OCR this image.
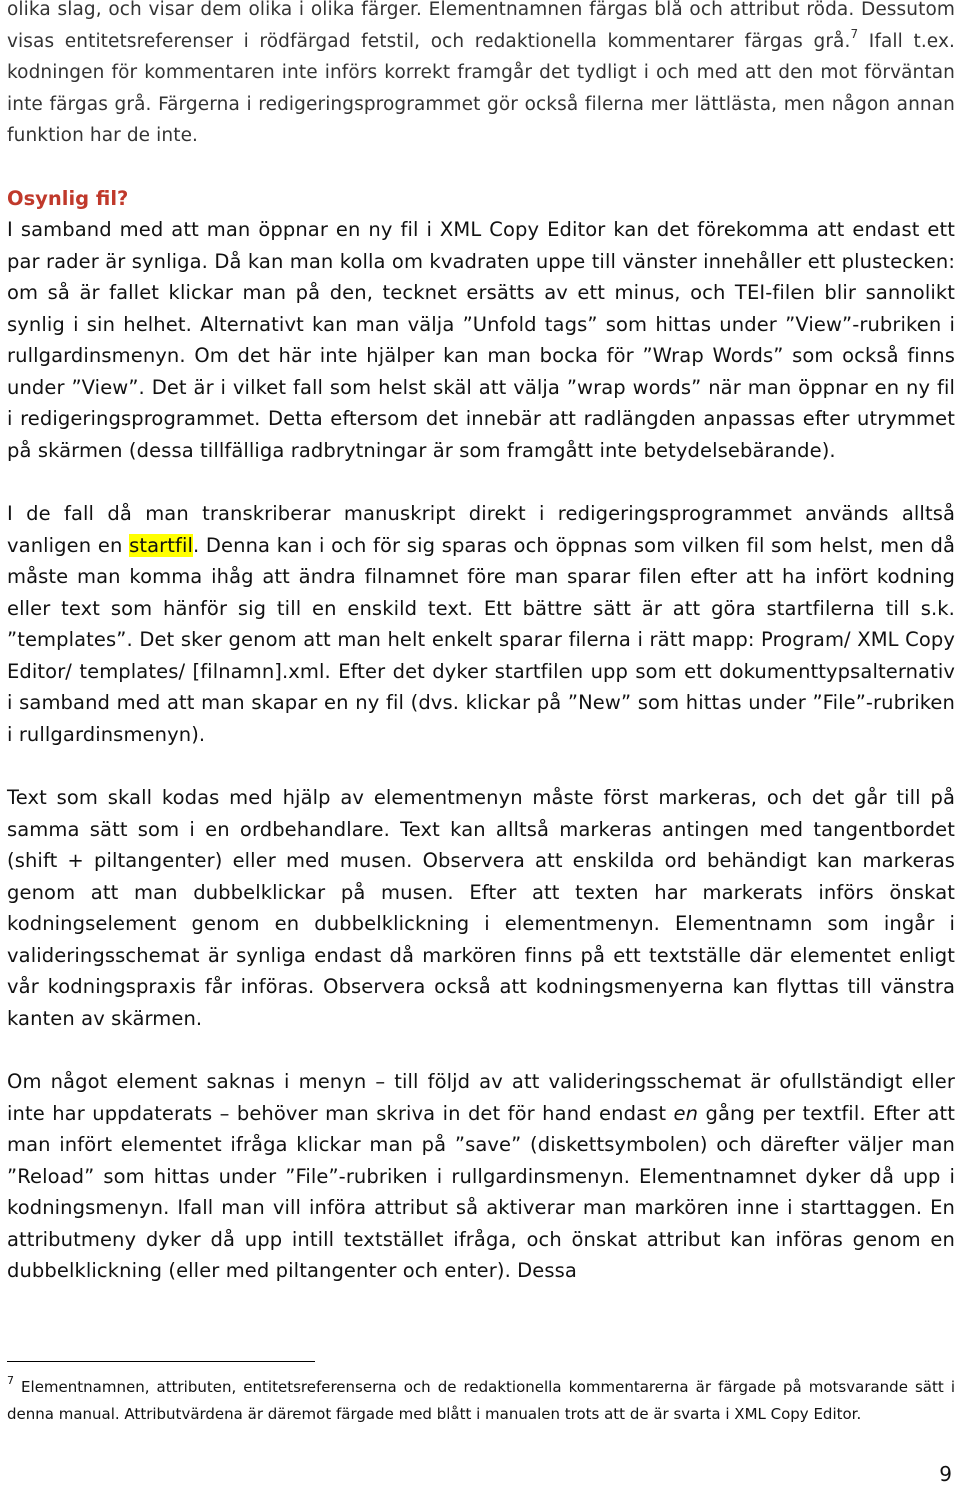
olika slag, och visar dem olika i olika färger. Elementnamnen färgas blå och attribut röda. Dessutom visas entitetsreferenser i rödfärgad fetstil, och redaktionella kommentarer färgas grå.$^7$ Ifall t.ex. kodningen för kommentaren inte införs korrekt framgår det tydligt i och med att den mot förväntan inte färgas grå. Färgerna i redigeringsprogrammet gör också filerna mer lättlästa, men någon annan funktion har de inte.

Osynlig fil?

I samband med att man öppnar en ny fil i XML Copy Editor kan det förekomma att endast ett par rader är synliga. Då kan man kolla om kvadraten uppe till vänster innehåller ett plustecken: om så är fallet klickar man på den, tecknet ersätts av ett minus, och TEI-filen blir sannolikt synlig i sin helhet. Alternativt kan man välja ”Unfold tags” som hittas under ”View”-rubriken i rullgardinsmenyn. Om det här inte hjälper kan man bocka för ”Wrap Words” som också finns under ”View”. Det är i vilket fall som helst skäl att välja ”wrap words” när man öppnar en ny fil i redigeringsprogrammet. Detta eftersom det innebär att radlängden anpassas efter utrymmet på skärmen (dessa tillfälliga radbrytningar är som framgått inte betydelsebärande).

I de fall då man transkriberar manuskript direkt i redigeringsprogrammet används alltså vanligen en startfil. Denna kan i och för sig sparas och öppnas som vilken fil som helst, men då måste man komma ihåg att ändra filnamnet före man sparar filen efter att ha infört kodning eller text som hänför sig till en enskild text. Ett bättre sätt är att göra startfilerna till s.k. ”templates”. Det sker genom att man helt enkelt sparar filerna i rätt mapp: Program/ XML Copy Editor/ templates/ [filnamn].xml. Efter det dyker startfilen upp som ett dokumenttypsalternativ i samband med att man skapar en ny fil (dvs. klickar på ”New” som hittas under ”File”-rubriken i rullgardinsmenyn).

Text som skall kodas med hjälp av elementmenyn måste först markeras, och det går till på samma sätt som i en ordbehandlare. Text kan alltså markeras antingen med tangentbordet (shift + piltangenter) eller med musen. Observera att enskilda ord behändigt kan markeras genom att man dubbelklickar på musen. Efter att texten har markerats införs önskat kodningselement genom en dubbelklickning i elementmenyn. Elementnamn som ingår i valideringsschemat är synliga endast då markören finns på ett textställe där elementet enligt vår kodningspraxis får införas. Observera också att kodningsmenyerna kan flyttas till vänstra kanten av skärmen.

Om något element saknas i menyn – till följd av att valideringsschemat är ofullständigt eller inte har uppdaterats – behöver man skriva in det för hand endast en gång per textfil. Efter att man infört elementet ifråga klickar man på ”save” (diskettsymbolen) och därefter väljer man ”Reload” som hittas under ”File”-rubriken i rullgardinsmenyn. Elementnamnet dyker då upp i kodningsmenyn. Ifall man vill införa attribut så aktiverar man markören inne i starttaggen. En attributmeny dyker då upp intill textstället ifråga, och önskat attribut kan införas genom en dubbelklickning (eller med piltangenter och enter). Dessa

$^7$ Elementnamnen, attributen, entitetsreferenserna och de redaktionella kommentarerna är färgade på motsvarande sätt i denna manual. Attributvärdena är däremot färgade med blått i manualen trots att de är svarta i XML Copy Editor.

9
